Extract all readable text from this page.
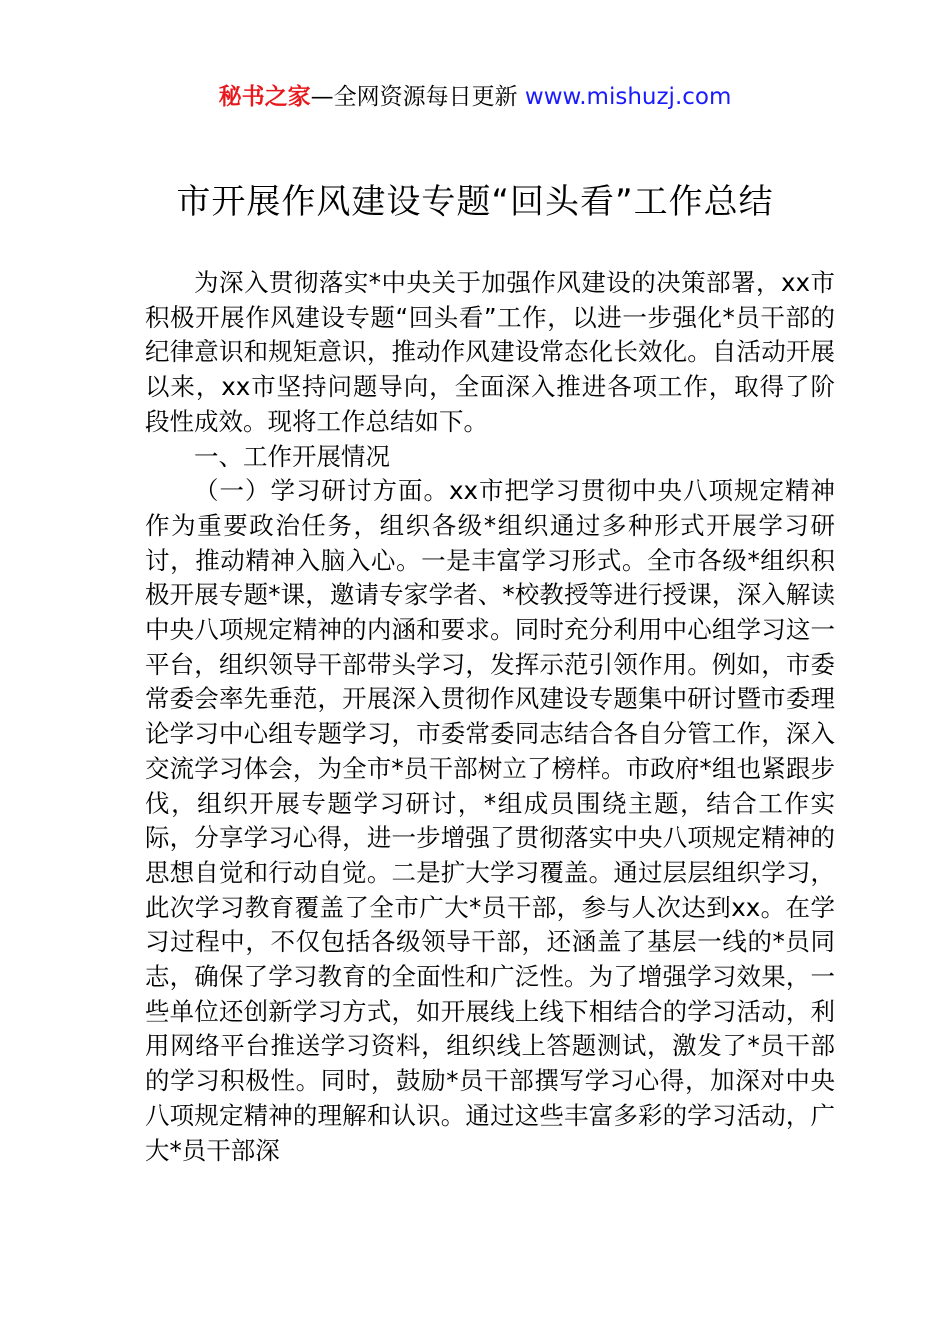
秘书之家—全网资源每日更新 www.mishuzj.com
市开展作风建设专题“回头看”工作总结

为深入贯彻落实*中央关于加强作风建设的决策部署，xx市积极开展作风建设专题“回头看”工作，以进一步强化*员干部的纪律意识和规矩意识，推动作风建设常态化长效化。自活动开展以来，xx市坚持问题导向，全面深入推进各项工作，取得了阶段性成效。现将工作总结如下。

一、工作开展情况

（一）学习研讨方面。xx市把学习贯彻中央八项规定精神作为重要政治任务，组织各级*组织通过多种形式开展学习研讨，推动精神入脑入心。一是丰富学习形式。全市各级*组织积极开展专题*课，邀请专家学者、*校教授等进行授课，深入解读中央八项规定精神的内涵和要求。同时充分利用中心组学习这一平台，组织领导干部带头学习，发挥示范引领作用。例如，市委常委会率先垂范，开展深入贯彻作风建设专题集中研讨暨市委理论学习中心组专题学习，市委常委同志结合各自分管工作，深入交流学习体会，为全市*员干部树立了榜样。市政府*组也紧跟步伐，组织开展专题学习研讨，*组成员围绕主题，结合工作实际，分享学习心得，进一步增强了贯彻落实中央八项规定精神的思想自觉和行动自觉。二是扩大学习覆盖。通过层层组织学习，此次学习教育覆盖了全市广大*员干部，参与人次达到xx。在学习过程中，不仅包括各级领导干部，还涵盖了基层一线的*员同志，确保了学习教育的全面性和广泛性。为了增强学习效果，一些单位还创新学习方式，如开展线上线下相结合的学习活动，利用网络平台推送学习资料，组织线上答题测试，激发了*员干部的学习积极性。同时，鼓励*员干部撰写学习心得，加深对中央八项规定精神的理解和认识。通过这些丰富多彩的学习活动，广大*员干部深
